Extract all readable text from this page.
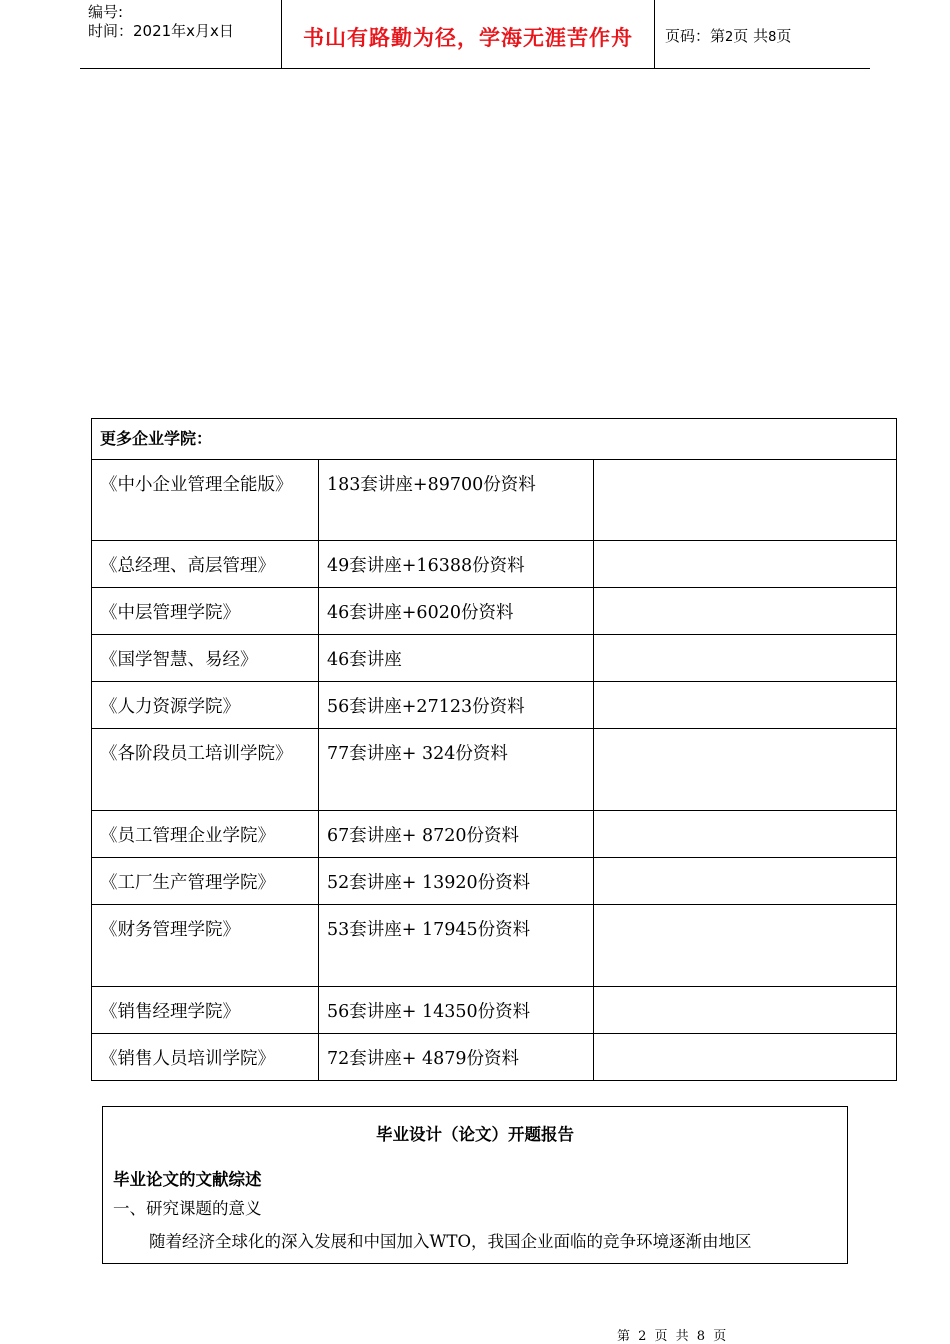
编号:
时间：2021年x月x日	书山有路勤为径，学海无涯苦作舟	页码：第2页 共8页
更多企业学院：		
《中小企业管理全能版》	183套讲座+89700份资料	
《总经理、高层管理》	49套讲座+16388份资料	
《中层管理学院》	46套讲座+6020份资料	
《国学智慧、易经》	46套讲座	
《人力资源学院》	56套讲座+27123份资料	
《各阶段员工培训学院》	77套讲座+ 324份资料	
《员工管理企业学院》	67套讲座+ 8720份资料	
《工厂生产管理学院》	52套讲座+ 13920份资料	
《财务管理学院》	53套讲座+ 17945份资料	
《销售经理学院》	56套讲座+ 14350份资料	
《销售人员培训学院》	72套讲座+ 4879份资料	
毕业设计（论文）开题报告
毕业论文的文献综述
一、研究课题的意义
随着经济全球化的深入发展和中国加入WTO，我国企业面临的竞争环境逐渐由地区
第 2 页 共 8 页
